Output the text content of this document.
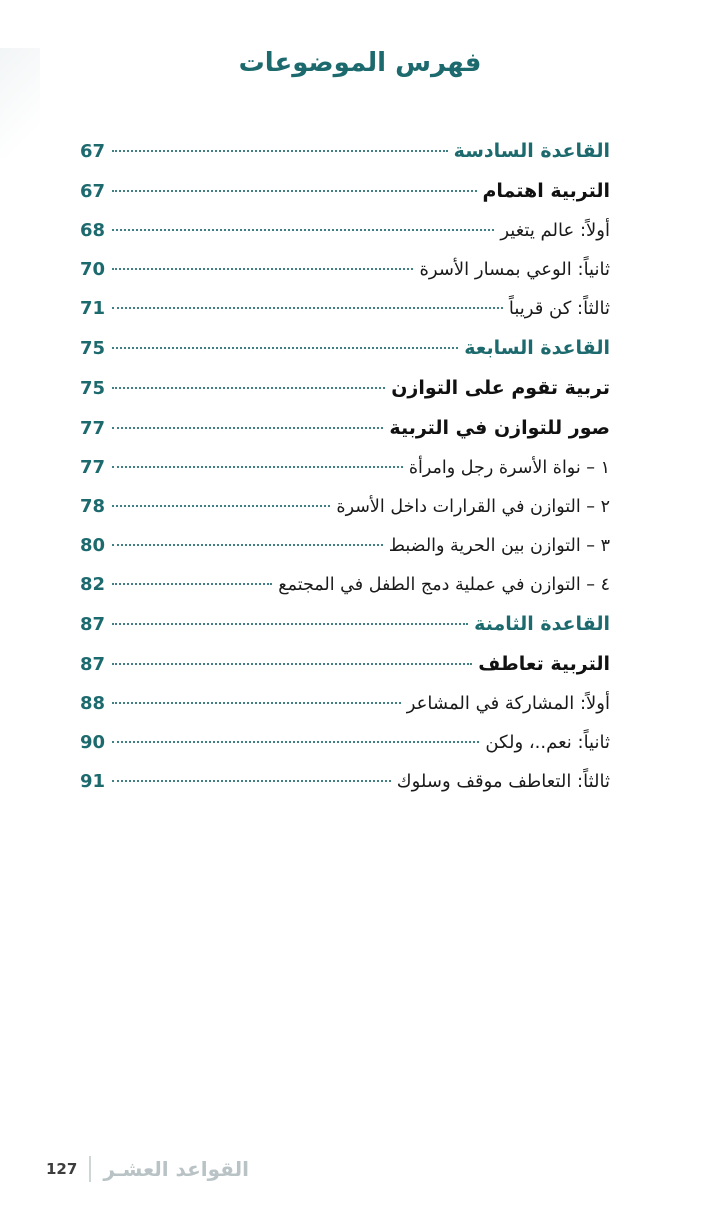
فهرس الموضوعات
القاعدة السادسة
67
التربية اهتمام
67
أولاً: عالم يتغير
68
ثانياً: الوعي بمسار الأسرة
70
ثالثاً: كن قريباً
71
القاعدة السابعة
75
تربية تقوم على التوازن
75
صور للتوازن في التربية
77
١ – نواة الأسرة رجل وامرأة
77
٢ – التوازن في القرارات داخل الأسرة
78
٣ – التوازن بين الحرية والضبط
80
٤ – التوازن في عملية دمج الطفل في المجتمع
82
القاعدة الثامنة
87
التربية تعاطف
87
أولاً: المشاركة في المشاعر
88
ثانياً: نعم..، ولكن
90
ثالثاً: التعاطف موقف وسلوك
91
127	القواعد العشـر
